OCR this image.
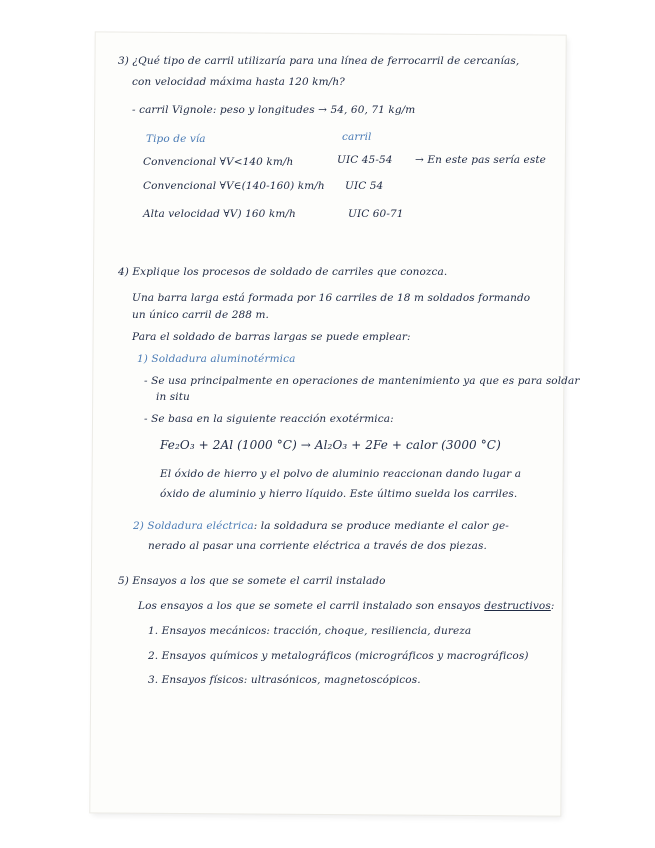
3) ¿Qué tipo de carril utilizaría para una línea de ferrocarril de cercanías,
con velocidad máxima hasta 120 km/h?
- carril Vignole: peso y longitudes → 54, 60, 71 kg/m
Tipo de vía	carril
Convencional ∀V<140 km/h	UIC 45-54 → En este pas sería este
Convencional ∀V∈(140-160) km/h UIC 54
Alta velocidad ∀V) 160 km/h	UIC 60-71
4) Explique los procesos de soldado de carriles que conozca.
Una barra larga está formada por 16 carriles de 18 m soldados formando
un único carril de 288 m.
Para el soldado de barras largas se puede emplear:
1) Soldadura aluminotérmica
- Se usa principalmente en operaciones de mantenimiento ya que es para soldar
in situ
- Se basa en la siguiente reacción exotérmica:
Fe₂O₃ + 2Al (1000 °C) → Al₂O₃ + 2Fe + calor (3000 °C)
El óxido de hierro y el polvo de aluminio reaccionan dando lugar a
óxido de aluminio y hierro líquido. Este último suelda los carriles.
2) Soldadura eléctrica: la soldadura se produce mediante el calor ge-
nerado al pasar una corriente eléctrica a través de dos piezas.
5) Ensayos a los que se somete el carril instalado
Los ensayos a los que se somete el carril instalado son ensayos destructivos:
1. Ensayos mecánicos: tracción, choque, resiliencia, dureza
2. Ensayos químicos y metalográficos (micrográficos y macrográficos)
3. Ensayos físicos: ultrasónicos, magnetoscópicos.
